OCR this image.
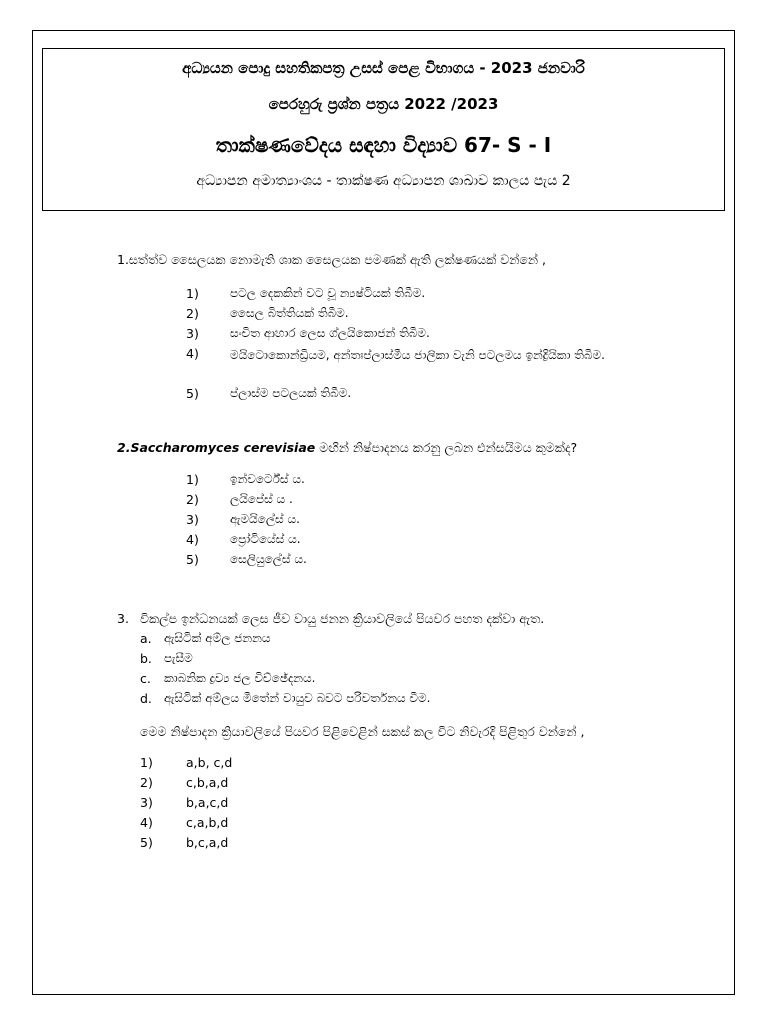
අධ්‍යයන පොදු සහතිකපත්‍ර උසස් පෙළ විභාගය - 2023 ජනවාරි
පෙරහුරු ප්‍රශ්න පත්‍රය 2022 /2023
තාක්ෂණවේදය සඳහා විද්‍යාව 67- S - I
අධ්‍යාපන අමාත්‍යාංශය - තාක්ෂණ අධ්‍යාපන ශාඛාව කාලය පැය 2
1.සත්ත්ව සෛලයක නොමැති ශාක සෛලයක පමණක් ඇති ලක්ෂණයක් වන්නේ ,
1)	පටල දෙකකින් වට වූ න්‍යෂ්ටියක් තිබීම.
2)	සෛල බිත්තියක් තිබීම.
3)	සංචිත ආහාර ලෙස ග්ලයිකොජන් තිබීම.
4)	මයිටොකොන්ඩ්‍රියම, අන්තඃප්ලාස්මීය ජාලිකා වැනි පටලමය ඉන්ද්‍රියිකා තිබීම.
5)	ප්ලාස්ම පටලයක් තිබීම.
2.Saccharomyces cerevisiae මඟින් නිෂ්පාදනය කරනු ලබන එන්සයිමය කුමක්ද?
1)	ඉන්වර්ටේස් ය.
2)	ලයිපේස් ය .
3)	ඇමයිලේස් ය.
4)	ප්‍රෝටියේස් ය.
5)	සෙලියුලේස් ය.
3. විකල්ප ඉන්ධනයක් ලෙස ජීව වායු ජනන ක්‍රියාවලියේ පියවර පහත දක්වා ඇත.
a. ඇසිටික් අම්ල ජනනය
b. පැසීම
c. කාබනික ද්‍රව්‍ය ජල විච්ඡේදනය.
d. ඇසිටික් අම්ලය මීතේන් වායුව බවට පරිවර්තනය වීම.
මෙම නිෂ්පාදන ක්‍රියාවලියේ පියවර පිළිවෙළින් සකස් කල විට නිවැරදි පිළිතුර වන්නේ ,
1)	a,b, c,d
2)	c,b,a,d
3)	b,a,c,d
4)	c,a,b,d
5)	b,c,a,d
